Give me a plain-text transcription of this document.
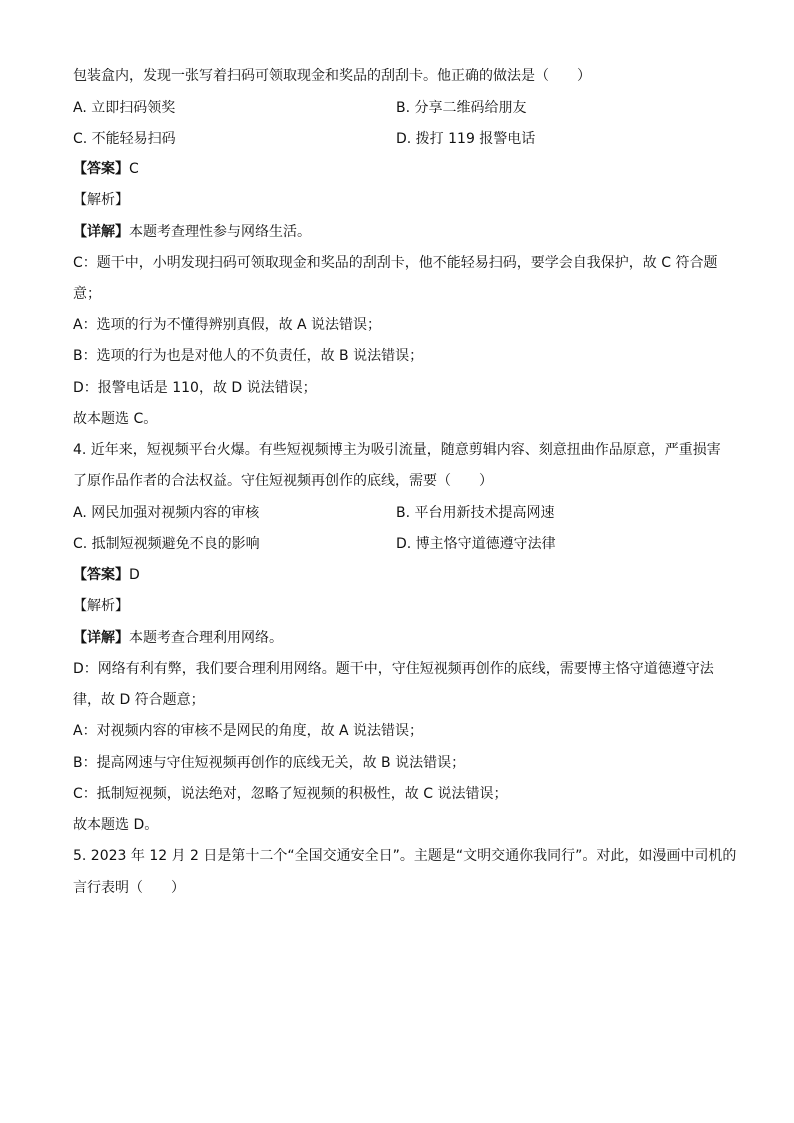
包装盒内，发现一张写着扫码可领取现金和奖品的刮刮卡。他正确的做法是（　　）
A. 立即扫码领奖	B. 分享二维码给朋友
C. 不能轻易扫码	D. 拨打 119 报警电话
【答案】C
【解析】
【详解】本题考查理性参与网络生活。
C：题干中，小明发现扫码可领取现金和奖品的刮刮卡，他不能轻易扫码，要学会自我保护，故 C 符合题
意；
A：选项的行为不懂得辨别真假，故 A 说法错误；
B：选项的行为也是对他人的不负责任，故 B 说法错误；
D：报警电话是 110，故 D 说法错误；
故本题选 C。
4. 近年来，短视频平台火爆。有些短视频博主为吸引流量，随意剪辑内容、刻意扭曲作品原意，严重损害
了原作品作者的合法权益。守住短视频再创作的底线，需要（　　）
A. 网民加强对视频内容的审核	B. 平台用新技术提高网速
C. 抵制短视频避免不良的影响	D. 博主恪守道德遵守法律
【答案】D
【解析】
【详解】本题考查合理利用网络。
D：网络有利有弊，我们要合理利用网络。题干中，守住短视频再创作的底线，需要博主恪守道德遵守法
律，故 D 符合题意；
A：对视频内容的审核不是网民的角度，故 A 说法错误；
B：提高网速与守住短视频再创作的底线无关，故 B 说法错误；
C：抵制短视频，说法绝对，忽略了短视频的积极性，故 C 说法错误；
故本题选 D。
5. 2023 年 12 月 2 日是第十二个“全国交通安全日”。主题是“文明交通你我同行”。对此，如漫画中司机的
言行表明（　　）
